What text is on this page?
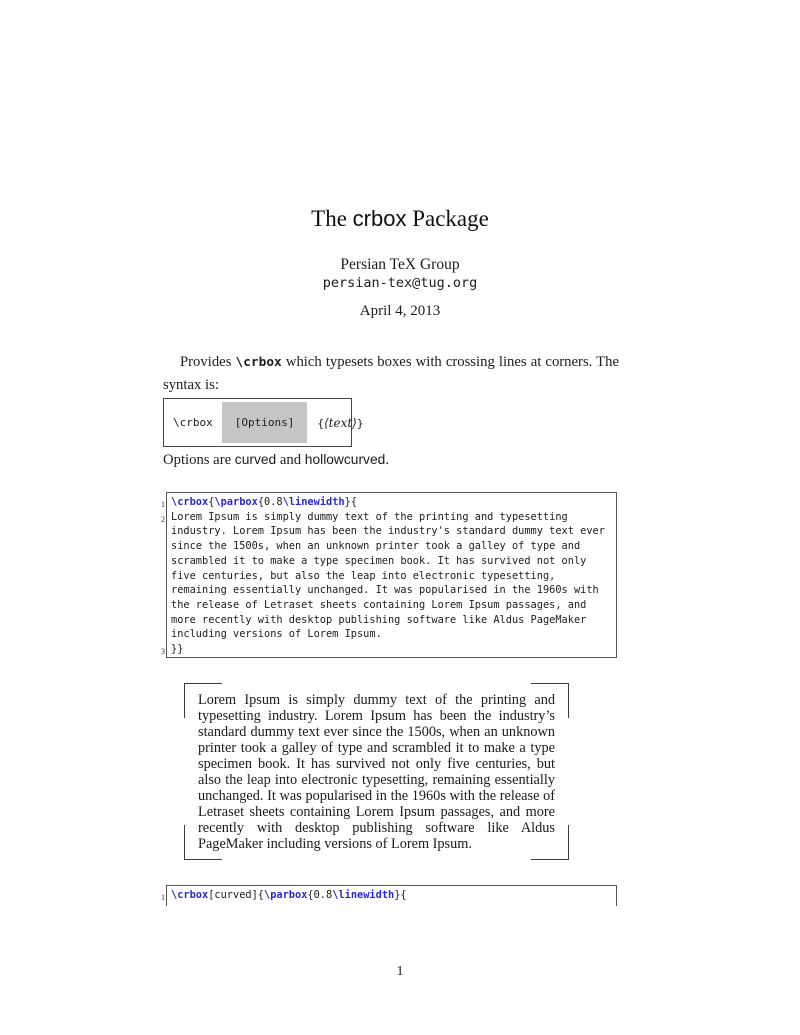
The crbox Package
Persian TeX Group
persian-tex@tug.org
April 4, 2013

Provides \crbox which typesets boxes with crossing lines at corners. The syntax is:

\crbox	[Options]	{⟨text⟩}

Options are curved and hollowcurved.

1 \crbox{\parbox{0.8\linewidth}{
2 Lorem Ipsum is simply dummy text of the printing and typesetting
industry. Lorem Ipsum has been the industry's standard dummy text ever
since the 1500s, when an unknown printer took a galley of type and
scrambled it to make a type specimen book. It has survived not only
five centuries, but also the leap into electronic typesetting,
remaining essentially unchanged. It was popularised in the 1960s with
the release of Letraset sheets containing Lorem Ipsum passages, and
more recently with desktop publishing software like Aldus PageMaker
including versions of Lorem Ipsum.
3 }}
Lorem Ipsum is simply dummy text of the printing and typesetting industry. Lorem Ipsum has been the industry’s standard dummy text ever since the 1500s, when an unknown printer took a galley of type and scrambled it to make a type specimen book. It has survived not only five centuries, but also the leap into electronic typesetting, remaining essentially unchanged. It was popularised in the 1960s with the release of Letraset sheets containing Lorem Ipsum passages, and more recently with desktop publishing software like Aldus PageMaker including versions of Lorem Ipsum.
1 \crbox[curved]{\parbox{0.8\linewidth}{
1
